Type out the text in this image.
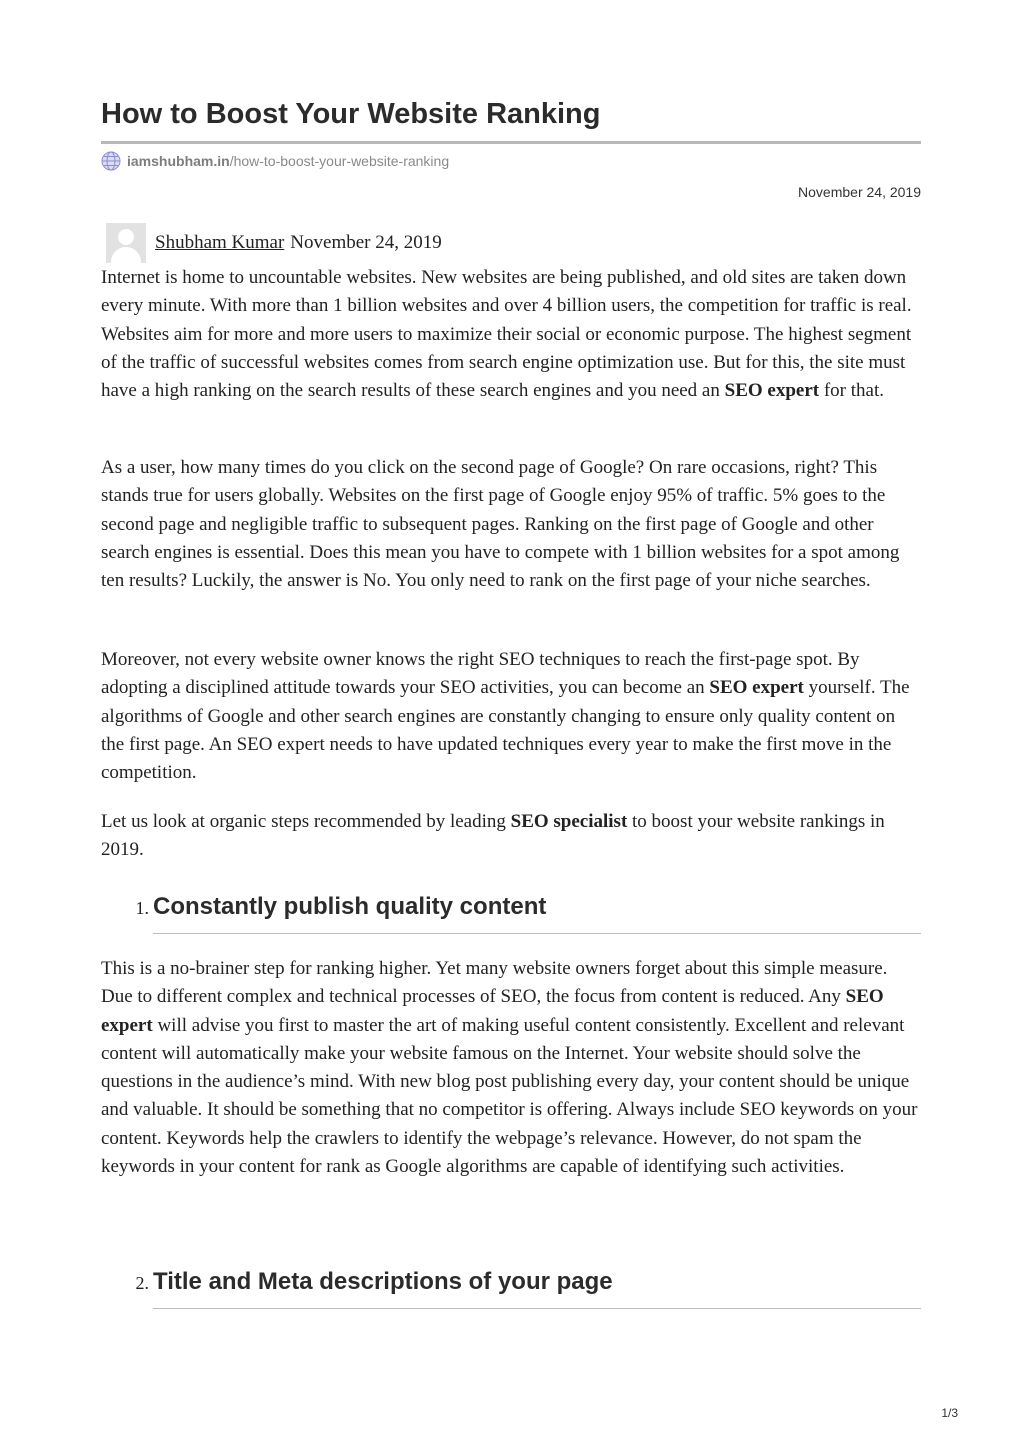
How to Boost Your Website Ranking
iamshubham.in /how-to-boost-your-website-ranking
November 24, 2019
Shubham Kumar November 24, 2019

Internet is home to uncountable websites. New websites are being published, and old sites are taken down every minute. With more than 1 billion websites and over 4 billion users, the competition for traffic is real. Websites aim for more and more users to maximize their social or economic purpose. The highest segment of the traffic of successful websites comes from search engine optimization use. But for this, the site must have a high ranking on the search results of these search engines and you need an SEO expert for that.

As a user, how many times do you click on the second page of Google? On rare occasions, right? This stands true for users globally. Websites on the first page of Google enjoy 95% of traffic. 5% goes to the second page and negligible traffic to subsequent pages. Ranking on the first page of Google and other search engines is essential. Does this mean you have to compete with 1 billion websites for a spot among ten results? Luckily, the answer is No. You only need to rank on the first page of your niche searches.

Moreover, not every website owner knows the right SEO techniques to reach the first-page spot. By adopting a disciplined attitude towards your SEO activities, you can become an SEO expert yourself. The algorithms of Google and other search engines are constantly changing to ensure only quality content on the first page. An SEO expert needs to have updated techniques every year to make the first move in the competition.

Let us look at organic steps recommended by leading SEO specialist to boost your website rankings in 2019.

1. Constantly publish quality content

This is a no-brainer step for ranking higher. Yet many website owners forget about this simple measure. Due to different complex and technical processes of SEO, the focus from content is reduced. Any SEO expert will advise you first to master the art of making useful content consistently. Excellent and relevant content will automatically make your website famous on the Internet. Your website should solve the questions in the audience’s mind. With new blog post publishing every day, your content should be unique and valuable. It should be something that no competitor is offering. Always include SEO keywords on your content. Keywords help the crawlers to identify the webpage’s relevance. However, do not spam the keywords in your content for rank as Google algorithms are capable of identifying such activities.

2. Title and Meta descriptions of your page
1/3
